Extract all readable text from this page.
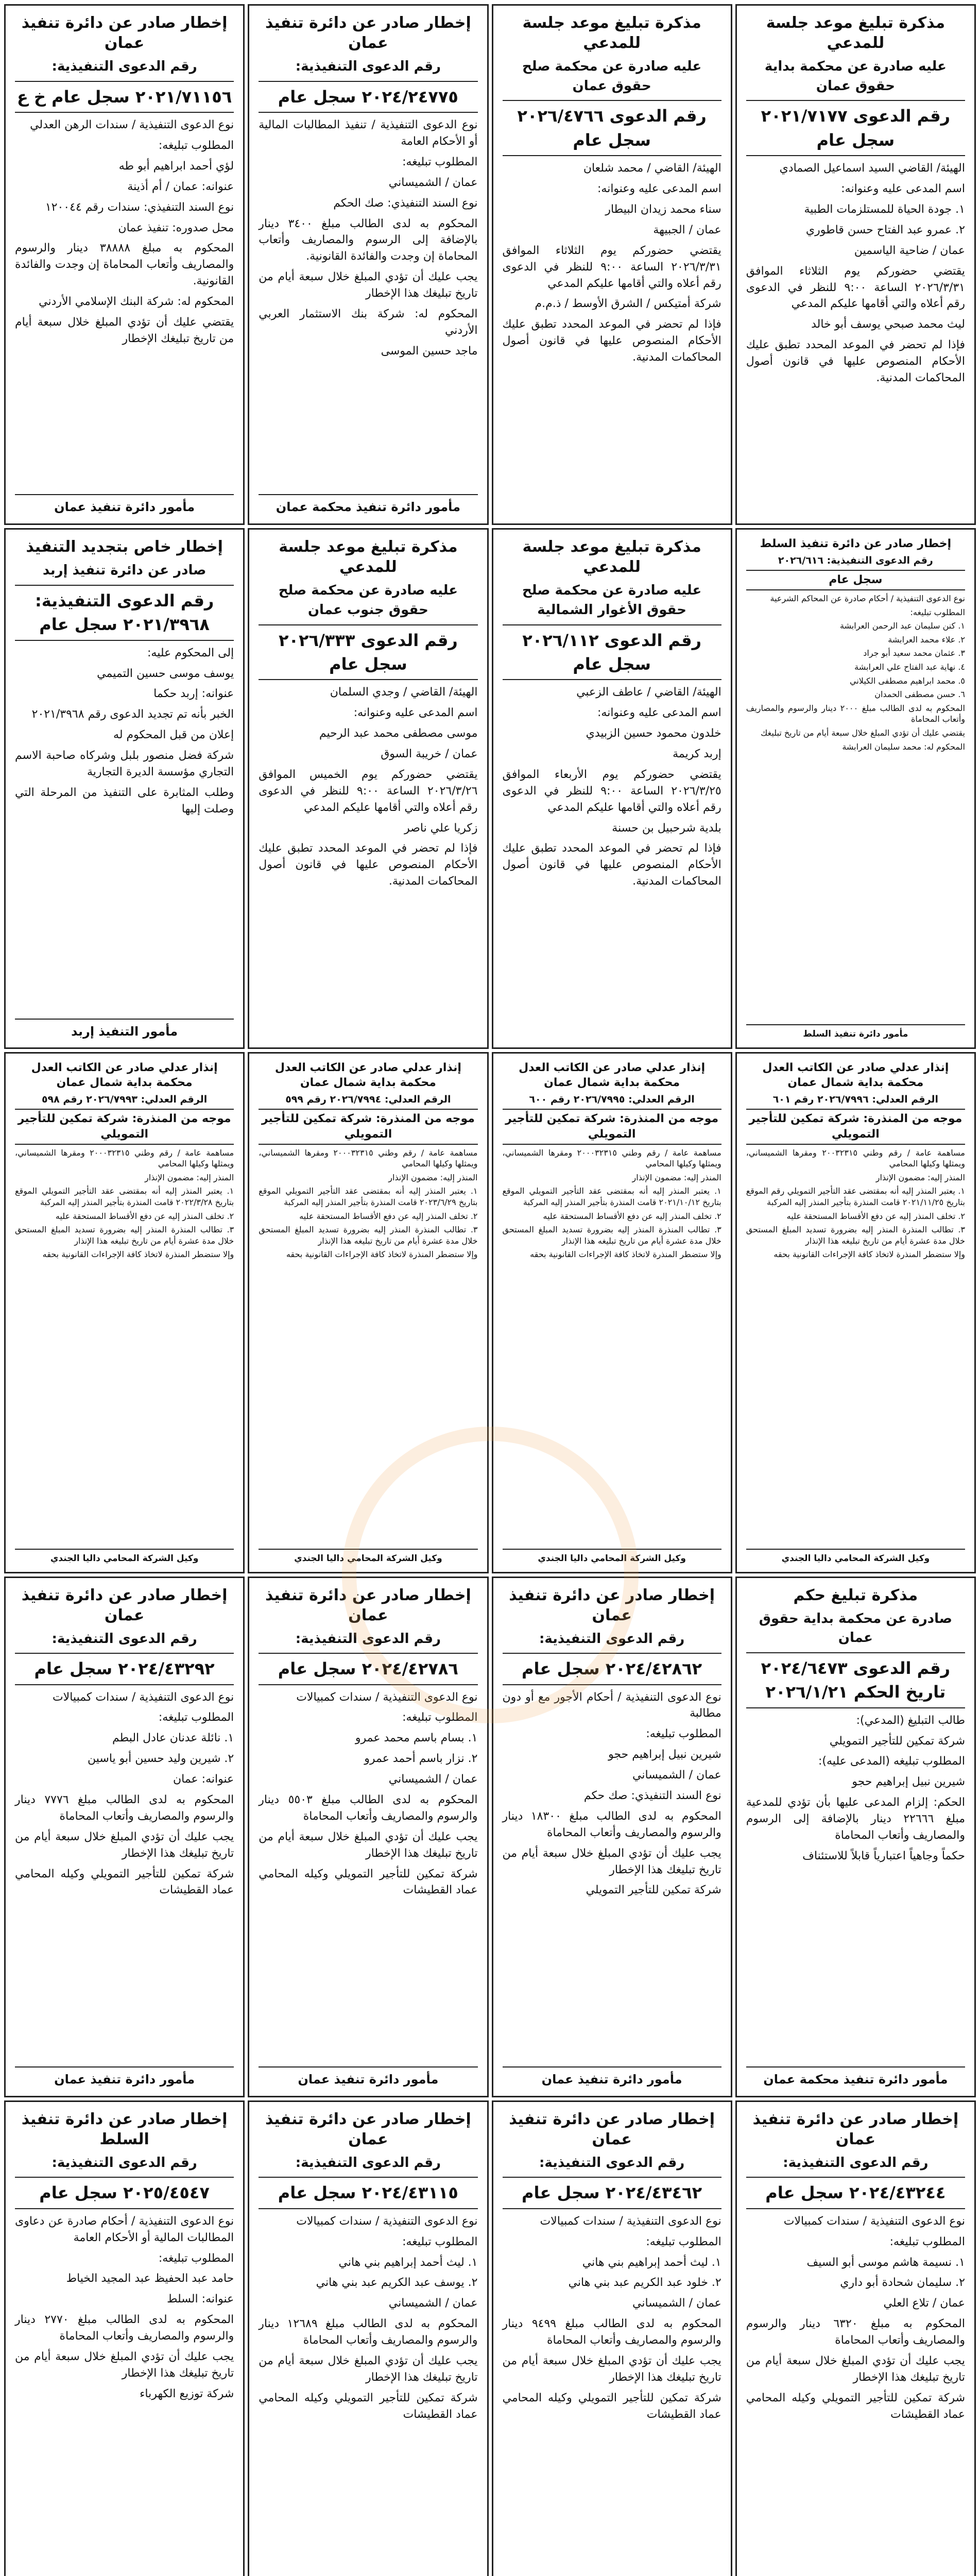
مذكرة تبليغ موعد جلسة للمدعي
عليه صادرة عن محكمة بداية حقوق عمان
رقم الدعوى ٢٠٢١/٧١٧٧ سجل عام
الهيئة/ القاضي السيد اسماعيل الصمادي
اسم المدعى عليه وعنوانه:
١. جودة الحياة للمستلزمات الطبية
٢. عمرو عبد الفتاح حسن قاطوري
عمان / ضاحية الياسمين
يقتضي حضوركم يوم الثلاثاء الموافق ٢٠٢٦/٣/٣١ الساعة ٩:٠٠ للنظر في الدعوى رقم أعلاه والتي أقامها عليكم المدعي
ليث محمد صبحي يوسف أبو خالد
فإذا لم تحضر في الموعد المحدد تطبق عليك الأحكام المنصوص عليها في قانون أصول المحاكمات المدنية.
مذكرة تبليغ موعد جلسة للمدعي
عليه صادرة عن محكمة صلح حقوق عمان
رقم الدعوى ٢٠٢٦/٤٧٦٦ سجل عام
الهيئة/ القاضي / محمد شلعان
اسم المدعى عليه وعنوانه:
سناء محمد زيدان البيطار
عمان / الجبيهة
يقتضي حضوركم يوم الثلاثاء الموافق ٢٠٢٦/٣/٣١ الساعة ٩:٠٠ للنظر في الدعوى رقم أعلاه والتي أقامها عليكم المدعي
شركة أمتيكس / الشرق الأوسط / ذ.م.م
فإذا لم تحضر في الموعد المحدد تطبق عليك الأحكام المنصوص عليها في قانون أصول المحاكمات المدنية.
إخطار صادر عن دائرة تنفيذ عمان
رقم الدعوى التنفيذية:
٢٠٢٤/٢٤٧٧٥ سجل عام
نوع الدعوى التنفيذية / تنفيذ المطالبات المالية أو الأحكام العامة
المطلوب تبليغه:
عمان / الشميساني
نوع السند التنفيذي: صك الحكم
المحكوم به لدى الطالب مبلغ ٣٤٠٠ دينار بالإضافة إلى الرسوم والمصاريف وأتعاب المحاماة إن وجدت والفائدة القانونية.
يجب عليك أن تؤدي المبلغ خلال سبعة أيام من تاريخ تبليغك هذا الإخطار
المحكوم له: شركة بنك الاستثمار العربي الأردني
ماجد حسين الموسى
مأمور دائرة تنفيذ محكمة عمان
إخطار صادر عن دائرة تنفيذ عمان
رقم الدعوى التنفيذية:
٢٠٢١/٧١١٥٦ سجل عام خ ع
نوع الدعوى التنفيذية / سندات الرهن العدلي
المطلوب تبليغه:
لؤي أحمد ابراهيم أبو طه
عنوانه: عمان / أم أذينة
نوع السند التنفيذي: سندات رقم ١٢٠٠٤٤
محل صدوره: تنفيذ عمان
المحكوم به مبلغ ٣٨٨٨٨ دينار والرسوم والمصاريف وأتعاب المحاماة إن وجدت والفائدة القانونية.
المحكوم له: شركة البنك الإسلامي الأردني
يقتضي عليك أن تؤدي المبلغ خلال سبعة أيام من تاريخ تبليغك الإخطار
مأمور دائرة تنفيذ عمان
إخطار صادر عن دائرة تنفيذ السلط
رقم الدعوى التنفيذية: ٢٠٢٦/٦١٦
سجل عام
نوع الدعوى التنفيذية / أحكام صادرة عن المحاكم الشرعية
المطلوب تبليغه:
١. كنن سليمان عبد الرحمن العرابشة
٢. علاء محمد العرابشة
٣. عثمان محمد سعيد أبو جراد
٤. نهاية عبد الفتاح علي العرابشة
٥. محمد ابراهيم مصطفى الكيلاني
٦. حسن مصطفى الحمدان
المحكوم به لدى الطالب مبلغ ٢٠٠٠ دينار والرسوم والمصاريف وأتعاب المحاماة
يقتضي عليك أن تؤدي المبلغ خلال سبعة أيام من تاريخ تبليغك
المحكوم له: محمد سليمان العرابشة
مأمور دائرة تنفيذ السلط
مذكرة تبليغ موعد جلسة للمدعي
عليه صادرة عن محكمة صلح حقوق الأغوار الشمالية
رقم الدعوى ٢٠٢٦/١١٢ سجل عام
الهيئة/ القاضي / عاطف الزعبي
اسم المدعى عليه وعنوانه:
خلدون محمود حسين الزبيدي
إربد كريمة
يقتضي حضوركم يوم الأربعاء الموافق ٢٠٢٦/٣/٢٥ الساعة ٩:٠٠ للنظر في الدعوى رقم أعلاه والتي أقامها عليكم المدعي
بلدية شرحبيل بن حسنة
فإذا لم تحضر في الموعد المحدد تطبق عليك الأحكام المنصوص عليها في قانون أصول المحاكمات المدنية.
مذكرة تبليغ موعد جلسة للمدعي
عليه صادرة عن محكمة صلح حقوق جنوب عمان
رقم الدعوى ٢٠٢٦/٣٣٣ سجل عام
الهيئة/ القاضي / وجدي السلمان
اسم المدعى عليه وعنوانه:
موسى مصطفى محمد عبد الرحيم
عمان / خريبة السوق
يقتضي حضوركم يوم الخميس الموافق ٢٠٢٦/٣/٢٦ الساعة ٩:٠٠ للنظر في الدعوى رقم أعلاه والتي أقامها عليكم المدعي
زكريا علي ناصر
فإذا لم تحضر في الموعد المحدد تطبق عليك الأحكام المنصوص عليها في قانون أصول المحاكمات المدنية.
إخطار خاص بتجديد التنفيذ
صادر عن دائرة تنفيذ إربد
رقم الدعوى التنفيذية: ٢٠٢١/٣٩٦٨ سجل عام
إلى المحكوم عليه:
يوسف موسى حسين التميمي
عنوانه: إربد حكما
الخبر بأنه تم تجديد الدعوى رقم ٢٠٢١/٣٩٦٨
إعلان من قبل المحكوم له
شركة فضل منصور بلبل وشركاه صاحبة الاسم التجاري مؤسسة الديرة التجارية
وطلب المثابرة على التنفيذ من المرحلة التي وصلت إليها
مأمور التنفيذ إربد
إنذار عدلي صادر عن الكاتب العدل محكمة بداية شمال عمان
الرقم العدلي: ٢٠٢٦/٧٩٩٦ رقم ٦٠١
موجه من المنذرة: شركة تمكين للتأجير التمويلي
مساهمة عامة / رقم وطني ٢٠٠٣٢٣١٥ ومقرها الشميساني، ويمثلها وكيلها المحامي
المنذر إليه: مضمون الإنذار
١. يعتبر المنذر إليه أنه بمقتضى عقد التأجير التمويلي رقم الموقع بتاريخ ٢٠٢١/١١/٢٥ قامت المنذرة بتأجير المنذر إليه المركبة
٢. تخلف المنذر إليه عن دفع الأقساط المستحقة عليه
٣. تطالب المنذرة المنذر إليه بضرورة تسديد المبلغ المستحق خلال مدة عشرة أيام من تاريخ تبليغه هذا الإنذار
وإلا ستضطر المنذرة لاتخاذ كافة الإجراءات القانونية بحقه
وكيل الشركة المحامي داليا الجندي
إنذار عدلي صادر عن الكاتب العدل محكمة بداية شمال عمان
الرقم العدلي: ٢٠٢٦/٧٩٩٥ رقم ٦٠٠
موجه من المنذرة: شركة تمكين للتأجير التمويلي
مساهمة عامة / رقم وطني ٢٠٠٠٣٢٣١٥ ومقرها الشميساني، ويمثلها وكيلها المحامي
المنذر إليه: مضمون الإنذار
١. يعتبر المنذر إليه أنه بمقتضى عقد التأجير التمويلي الموقع بتاريخ ٢٠٢١/١٠/١٢ قامت المنذرة بتأجير المنذر إليه المركبة
٢. تخلف المنذر إليه عن دفع الأقساط المستحقة عليه
٣. تطالب المنذرة المنذر إليه بضرورة تسديد المبلغ المستحق خلال مدة عشرة أيام من تاريخ تبليغه هذا الإنذار
وإلا ستضطر المنذرة لاتخاذ كافة الإجراءات القانونية بحقه
وكيل الشركة المحامي داليا الجندي
إنذار عدلي صادر عن الكاتب العدل محكمة بداية شمال عمان
الرقم العدلي: ٢٠٢٦/٧٩٩٤ رقم ٥٩٩
موجه من المنذرة: شركة تمكين للتأجير التمويلي
مساهمة عامة / رقم وطني ٢٠٠٠٣٢٣١٥ ومقرها الشميساني، ويمثلها وكيلها المحامي
المنذر إليه: مضمون الإنذار
١. يعتبر المنذر إليه أنه بمقتضى عقد التأجير التمويلي الموقع بتاريخ ٢٠٢٣/٦/٢٩ قامت المنذرة بتأجير المنذر إليه المركبة
٢. تخلف المنذر إليه عن دفع الأقساط المستحقة عليه
٣. تطالب المنذرة المنذر إليه بضرورة تسديد المبلغ المستحق خلال مدة عشرة أيام من تاريخ تبليغه هذا الإنذار
وإلا ستضطر المنذرة لاتخاذ كافة الإجراءات القانونية بحقه
وكيل الشركة المحامي داليا الجندي
إنذار عدلي صادر عن الكاتب العدل محكمة بداية شمال عمان
الرقم العدلي: ٢٠٢٦/٧٩٩٣ رقم ٥٩٨
موجه من المنذرة: شركة تمكين للتأجير التمويلي
مساهمة عامة / رقم وطني ٢٠٠٠٣٢٣١٥ ومقرها الشميساني، ويمثلها وكيلها المحامي
المنذر إليه: مضمون الإنذار
١. يعتبر المنذر إليه أنه بمقتضى عقد التأجير التمويلي الموقع بتاريخ ٢٠٢٢/٣/٢٨ قامت المنذرة بتأجير المنذر إليه المركبة
٢. تخلف المنذر إليه عن دفع الأقساط المستحقة عليه
٣. تطالب المنذرة المنذر إليه بضرورة تسديد المبلغ المستحق خلال مدة عشرة أيام من تاريخ تبليغه هذا الإنذار
وإلا ستضطر المنذرة لاتخاذ كافة الإجراءات القانونية بحقه
وكيل الشركة المحامي داليا الجندي
مذكرة تبليغ حكم
صادرة عن محكمة بداية حقوق عمان
رقم الدعوى ٢٠٢٤/٦٤٧٣ تاريخ الحكم ٢٠٢٦/١/٢١
طالب التبليغ (المدعي):
شركة تمكين للتأجير التمويلي
المطلوب تبليغه (المدعى عليه):
شيرين نبيل إبراهيم حجو
الحكم: إلزام المدعى عليها بأن تؤدي للمدعية مبلغ ٢٢٦٦٦ دينار بالإضافة إلى الرسوم والمصاريف وأتعاب المحاماة
حكماً وجاهياً اعتبارياً قابلاً للاستئناف
مأمور دائرة تنفيذ محكمة عمان
إخطار صادر عن دائرة تنفيذ عمان
رقم الدعوى التنفيذية:
٢٠٢٤/٤٢٨٦٢ سجل عام
نوع الدعوى التنفيذية / أحكام الأجور مع أو دون مطالبة
المطلوب تبليغه:
شيرين نبيل إبراهيم حجو
عمان / الشميساني
نوع السند التنفيذي: صك حكم
المحكوم به لدى الطالب مبلغ ١٨٣٠٠ دينار والرسوم والمصاريف وأتعاب المحاماة
يجب عليك أن تؤدي المبلغ خلال سبعة أيام من تاريخ تبليغك هذا الإخطار
شركة تمكين للتأجير التمويلي
مأمور دائرة تنفيذ عمان
إخطار صادر عن دائرة تنفيذ عمان
رقم الدعوى التنفيذية:
٢٠٢٤/٤٢٧٨٦ سجل عام
نوع الدعوى التنفيذية / سندات كمبيالات
المطلوب تبليغه:
١. بسام باسم محمد عمرو
٢. نزار باسم أحمد عمرو
عمان / الشميساني
المحكوم به لدى الطالب مبلغ ٥٥٠٣ دينار والرسوم والمصاريف وأتعاب المحاماة
يجب عليك أن تؤدي المبلغ خلال سبعة أيام من تاريخ تبليغك هذا الإخطار
شركة تمكين للتأجير التمويلي وكيله المحامي عماد القطيشات
مأمور دائرة تنفيذ عمان
إخطار صادر عن دائرة تنفيذ عمان
رقم الدعوى التنفيذية:
٢٠٢٤/٤٣٢٩٢ سجل عام
نوع الدعوى التنفيذية / سندات كمبيالات
المطلوب تبليغه:
١. نائلة عدنان عادل البطم
٢. شيرين وليد حسين أبو ياسين
عنوانه: عمان
المحكوم به لدى الطالب مبلغ ٧٧٧٦ دينار والرسوم والمصاريف وأتعاب المحاماة
يجب عليك أن تؤدي المبلغ خلال سبعة أيام من تاريخ تبليغك هذا الإخطار
شركة تمكين للتأجير التمويلي وكيله المحامي عماد القطيشات
مأمور دائرة تنفيذ عمان
إخطار صادر عن دائرة تنفيذ عمان
رقم الدعوى التنفيذية:
٢٠٢٤/٤٣٢٤٤ سجل عام
نوع الدعوى التنفيذية / سندات كمبيالات
المطلوب تبليغه:
١. نسيمة هاشم موسى أبو السيف
٢. سليمان شحادة أبو داري
عمان / تلاع العلي
المحكوم به مبلغ ٦٣٢٠ دينار والرسوم والمصاريف وأتعاب المحاماة
يجب عليك أن تؤدي المبلغ خلال سبعة أيام من تاريخ تبليغك هذا الإخطار
شركة تمكين للتأجير التمويلي وكيله المحامي عماد القطيشات
إخطار صادر عن دائرة تنفيذ عمان
رقم الدعوى التنفيذية:
٢٠٢٤/٤٣٤٦٢ سجل عام
نوع الدعوى التنفيذية / سندات كمبيالات
المطلوب تبليغه:
١. ليث أحمد إبراهيم بني هاني
٢. خلود عبد الكريم عبد بني هاني
عمان / الشميساني
المحكوم به لدى الطالب مبلغ ٩٤٩٩ دينار والرسوم والمصاريف وأتعاب المحاماة
يجب عليك أن تؤدي المبلغ خلال سبعة أيام من تاريخ تبليغك هذا الإخطار
شركة تمكين للتأجير التمويلي وكيله المحامي عماد القطيشات
إخطار صادر عن دائرة تنفيذ عمان
رقم الدعوى التنفيذية:
٢٠٢٤/٤٣١١٥ سجل عام
نوع الدعوى التنفيذية / سندات كمبيالات
المطلوب تبليغه:
١. ليث أحمد إبراهيم بني هاني
٢. يوسف عبد الكريم عبد بني هاني
عمان / الشميساني
المحكوم به لدى الطالب مبلغ ١٢٦٨٩ دينار والرسوم والمصاريف وأتعاب المحاماة
يجب عليك أن تؤدي المبلغ خلال سبعة أيام من تاريخ تبليغك هذا الإخطار
شركة تمكين للتأجير التمويلي وكيله المحامي عماد القطيشات
إخطار صادر عن دائرة تنفيذ السلط
رقم الدعوى التنفيذية:
٢٠٢٥/٤٥٤٧ سجل عام
نوع الدعوى التنفيذية / أحكام صادرة عن دعاوى المطالبات المالية أو الأحكام العامة
المطلوب تبليغه:
حامد عبد الحفيظ عبد المجيد الخياط
عنوانه: السلط
المحكوم به لدى الطالب مبلغ ٢٧٧٠ دينار والرسوم والمصاريف وأتعاب المحاماة
يجب عليك أن تؤدي المبلغ خلال سبعة أيام من تاريخ تبليغك هذا الإخطار
شركة توزيع الكهرباء
